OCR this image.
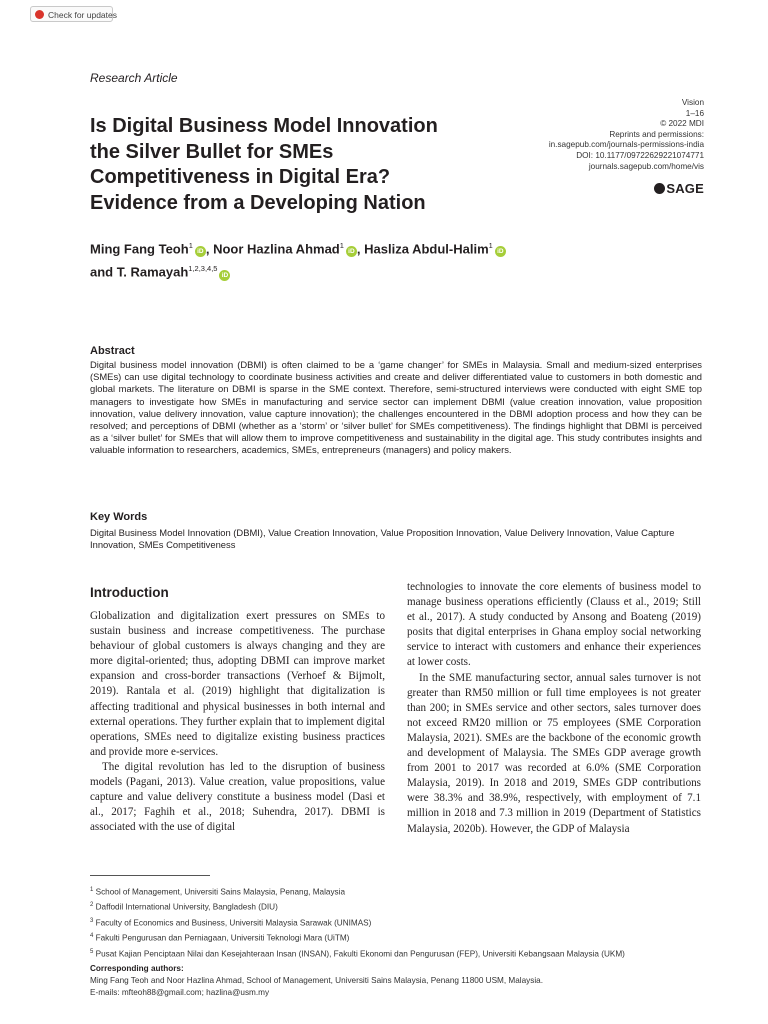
Check for updates
Research Article
Vision
1–16
© 2022 MDI
Reprints and permissions:
in.sagepub.com/journals-permissions-india
DOI: 10.1177/09722629221074771
journals.sagepub.com/home/vis
SAGE
Is Digital Business Model Innovation
the Silver Bullet for SMEs
Competitiveness in Digital Era?
Evidence from a Developing Nation
Ming Fang Teoh$^1$iD , Noor Hazlina Ahmad$^1$iD , Hasliza Abdul-Halim$^1$iD
and T. Ramayah$^{1,2,3,4,5}$iD
Abstract
Digital business model innovation (DBMI) is often claimed to be a ‘game changer’ for SMEs in Malaysia. Small and medium-sized enterprises (SMEs) can use digital technology to coordinate business activities and create and deliver differentiated value to customers in both domestic and global markets. The literature on DBMI is sparse in the SME context. Therefore, semi-structured interviews were conducted with eight SME top managers to investigate how SMEs in manufacturing and service sector can implement DBMI (value creation innovation, value proposition innovation, value delivery innovation, value capture innovation); the challenges encountered in the DBMI adoption process and how they can be resolved; and perceptions of DBMI (whether as a ‘storm’ or ‘silver bullet’ for SMEs competitiveness). The findings highlight that DBMI is perceived as a ‘silver bullet’ for SMEs that will allow them to improve competitiveness and sustainability in the digital age. This study contributes insights and valuable information to researchers, academics, SMEs, entrepreneurs (managers) and policy makers.
Key Words
Digital Business Model Innovation (DBMI), Value Creation Innovation, Value Proposition Innovation, Value Delivery Innovation, Value Capture Innovation, SMEs Competitiveness
Introduction

Globalization and digitalization exert pressures on SMEs to sustain business and increase competitiveness. The purchase behaviour of global customers is always changing and they are more digital-oriented; thus, adopting DBMI can improve market expansion and cross-border transactions (Verhoef & Bijmolt, 2019). Rantala et al. (2019) highlight that digitalization is affecting traditional and physical businesses in both internal and external operations. They further explain that to implement digital operations, SMEs need to digitalize existing business practices and provide more e-services.

The digital revolution has led to the disruption of business models (Pagani, 2013). Value creation, value propositions, value capture and value delivery constitute a business model (Dasi et al., 2017; Faghih et al., 2018; Suhendra, 2017). DBMI is associated with the use of digital

technologies to innovate the core elements of business model to manage business operations efficiently (Clauss et al., 2019; Still et al., 2017). A study conducted by Ansong and Boateng (2019) posits that digital enterprises in Ghana employ social networking service to interact with customers and enhance their experiences at lower costs.

In the SME manufacturing sector, annual sales turnover is not greater than RM50 million or full time employees is not greater than 200; in SMEs service and other sectors, sales turnover does not exceed RM20 million or 75 employees (SME Corporation Malaysia, 2021). SMEs are the backbone of the economic growth and development of Malaysia. The SMEs GDP average growth from 2001 to 2017 was recorded at 6.0% (SME Corporation Malaysia, 2019). In 2018 and 2019, SMEs GDP contributions were 38.3% and 38.9%, respectively, with employment of 7.1 million in 2018 and 7.3 million in 2019 (Department of Statistics Malaysia, 2020b). However, the GDP of Malaysia

$^1$ School of Management, Universiti Sains Malaysia, Penang, Malaysia
$^2$ Daffodil International University, Bangladesh (DIU)
$^3$ Faculty of Economics and Business, Universiti Malaysia Sarawak (UNIMAS)
$^4$ Fakulti Pengurusan dan Perniagaan, Universiti Teknologi Mara (UiTM)
$^5$ Pusat Kajian Penciptaan Nilai dan Kesejahteraan Insan (INSAN), Fakulti Ekonomi dan Pengurusan (FEP), Universiti Kebangsaan Malaysia (UKM)
Corresponding authors:
Ming Fang Teoh and Noor Hazlina Ahmad, School of Management, Universiti Sains Malaysia, Penang 11800 USM, Malaysia.
E-mails: mfteoh88@gmail.com; hazlina@usm.my
